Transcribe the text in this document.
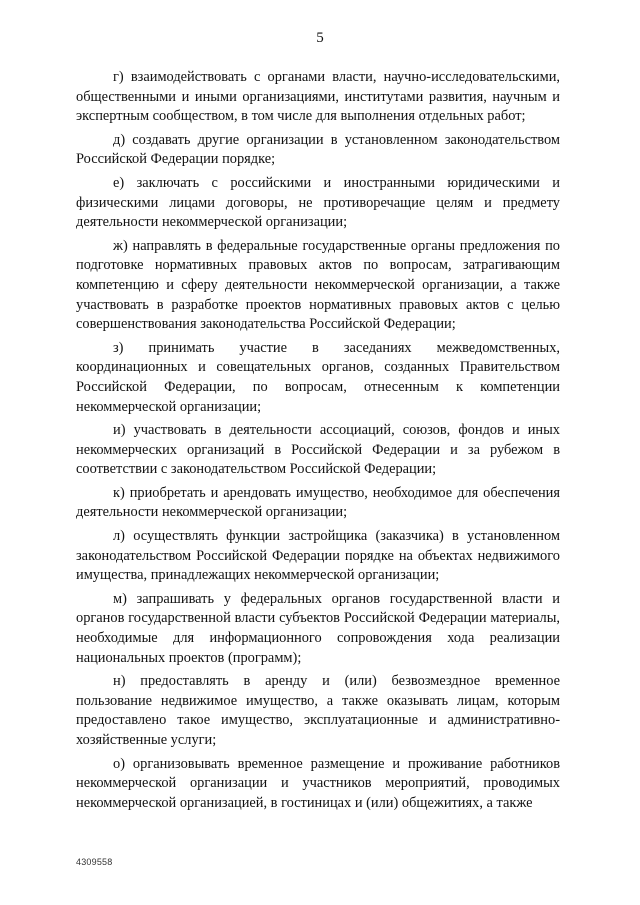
5

г) взаимодействовать с органами власти, научно-исследовательскими, общественными и иными организациями, институтами развития, научным и экспертным сообществом, в том числе для выполнения отдельных работ;

д) создавать другие организации в установленном законодательством Российской Федерации порядке;

е) заключать с российскими и иностранными юридическими и физическими лицами договоры, не противоречащие целям и предмету деятельности некоммерческой организации;

ж) направлять в федеральные государственные органы предложения по подготовке нормативных правовых актов по вопросам, затрагивающим компетенцию и сферу деятельности некоммерческой организации, а также участвовать в разработке проектов нормативных правовых актов с целью совершенствования законодательства Российской Федерации;

з) принимать участие в заседаниях межведомственных, координационных и совещательных органов, созданных Правительством Российской Федерации, по вопросам, отнесенным к компетенции некоммерческой организации;

и) участвовать в деятельности ассоциаций, союзов, фондов и иных некоммерческих организаций в Российской Федерации и за рубежом в соответствии с законодательством Российской Федерации;

к) приобретать и арендовать имущество, необходимое для обеспечения деятельности некоммерческой организации;

л) осуществлять функции застройщика (заказчика) в установленном законодательством Российской Федерации порядке на объектах недвижимого имущества, принадлежащих некоммерческой организации;

м) запрашивать у федеральных органов государственной власти и органов государственной власти субъектов Российской Федерации материалы, необходимые для информационного сопровождения хода реализации национальных проектов (программ);

н) предоставлять в аренду и (или) безвозмездное временное пользование недвижимое имущество, а также оказывать лицам, которым предоставлено такое имущество, эксплуатационные и административно-хозяйственные услуги;

о) организовывать временное размещение и проживание работников некоммерческой организации и участников мероприятий, проводимых некоммерческой организацией, в гостиницах и (или) общежитиях, а также

4309558
